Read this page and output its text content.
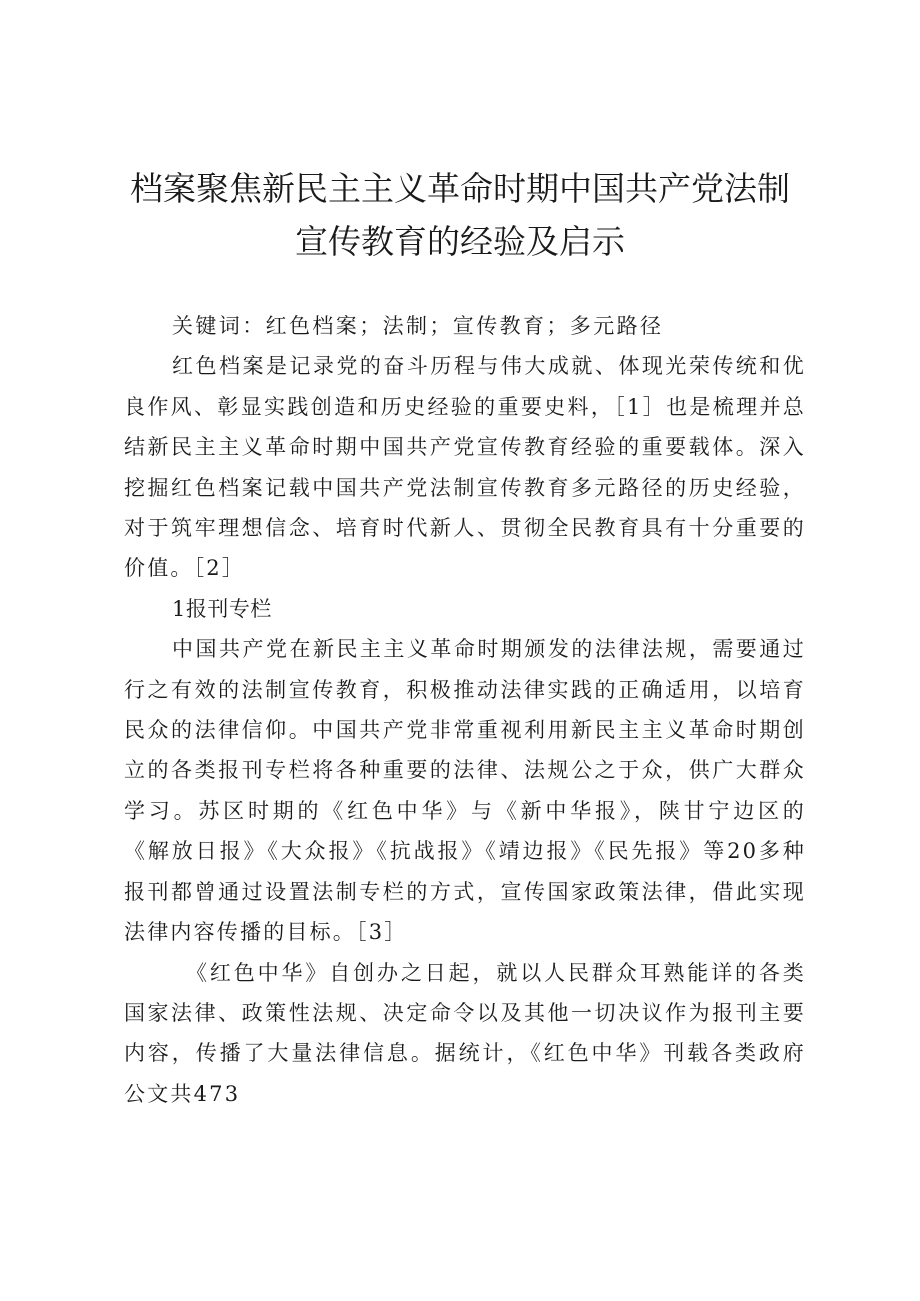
档案聚焦新民主主义革命时期中国共产党法制
宣传教育的经验及启示

关键词：红色档案；法制；宣传教育；多元路径

红色档案是记录党的奋斗历程与伟大成就、体现光荣传统和优良作风、彰显实践创造和历史经验的重要史料，［1］也是梳理并总结新民主主义革命时期中国共产党宣传教育经验的重要载体。深入挖掘红色档案记载中国共产党法制宣传教育多元路径的历史经验，对于筑牢理想信念、培育时代新人、贯彻全民教育具有十分重要的价值。［2］

1报刊专栏

中国共产党在新民主主义革命时期颁发的法律法规，需要通过行之有效的法制宣传教育，积极推动法律实践的正确适用，以培育民众的法律信仰。中国共产党非常重视利用新民主主义革命时期创立的各类报刊专栏将各种重要的法律、法规公之于众，供广大群众学习。苏区时期的《红色中华》与《新中华报》，陕甘宁边区的《解放日报》《大众报》《抗战报》《靖边报》《民先报》等20多种报刊都曾通过设置法制专栏的方式，宣传国家政策法律，借此实现法律内容传播的目标。［3］

《红色中华》自创办之日起，就以人民群众耳熟能详的各类国家法律、政策性法规、决定命令以及其他一切决议作为报刊主要内容，传播了大量法律信息。据统计，《红色中华》刊载各类政府公文共473
